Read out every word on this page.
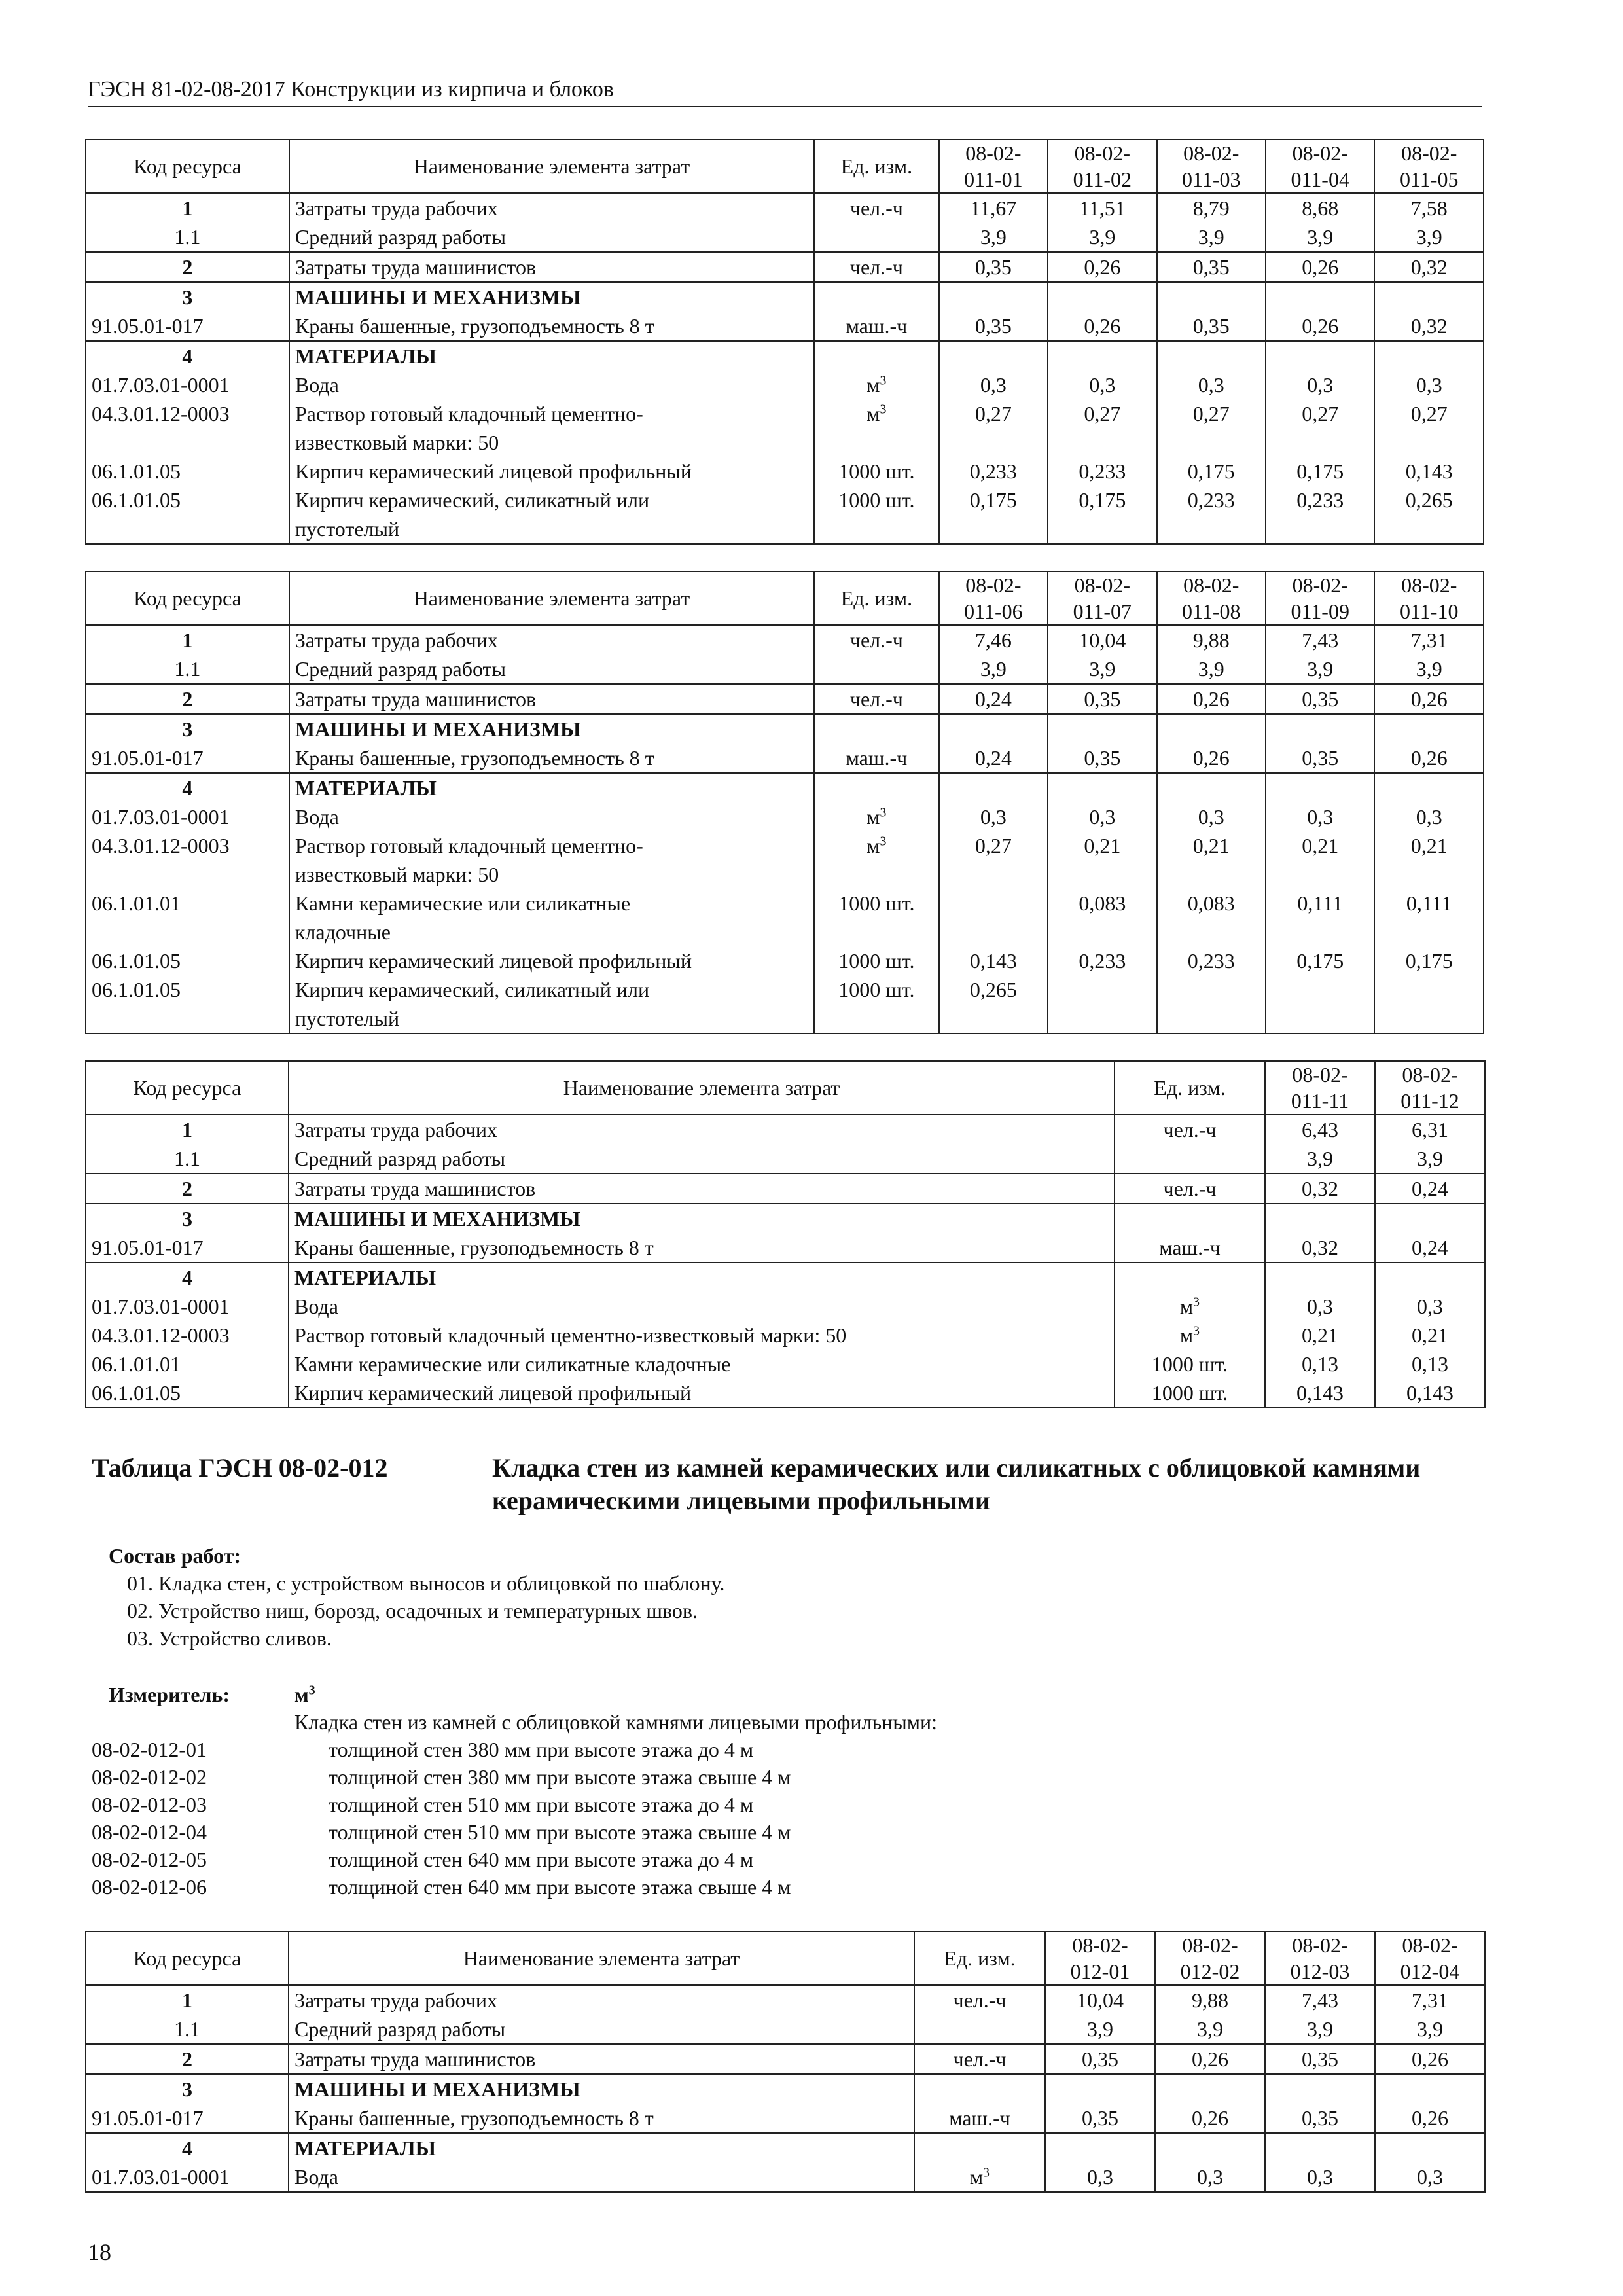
ГЭСН 81-02-08-2017 Конструкции из кирпича и блоков
Код ресурса	Наименование элемента затрат	Ед. изм.	08-02-
011-01	08-02-
011-02	08-02-
011-03	08-02-
011-04	08-02-
011-05
1	Затраты труда рабочих	чел.-ч	11,67	11,51	8,79	8,68	7,58
1.1	Средний разряд работы		3,9	3,9	3,9	3,9	3,9
2	Затраты труда машинистов	чел.-ч	0,35	0,26	0,35	0,26	0,32
3	МАШИНЫ И МЕХАНИЗМЫ						
91.05.01-017	Краны башенные, грузоподъемность 8 т	маш.-ч	0,35	0,26	0,35	0,26	0,32
4	МАТЕРИАЛЫ						
01.7.03.01-0001	Вода	$м^3$	0,3	0,3	0,3	0,3	0,3
04.3.01.12-0003	Раствор готовый кладочный цементно-
известковый марки: 50	$м^3$	0,27	0,27	0,27	0,27	0,27
06.1.01.05	Кирпич керамический лицевой профильный	1000 шт.	0,233	0,233	0,175	0,175	0,143
06.1.01.05	Кирпич керамический, силикатный или
пустотелый	1000 шт.	0,175	0,175	0,233	0,233	0,265
Код ресурса	Наименование элемента затрат	Ед. изм.	08-02-
011-06	08-02-
011-07	08-02-
011-08	08-02-
011-09	08-02-
011-10
1	Затраты труда рабочих	чел.-ч	7,46	10,04	9,88	7,43	7,31
1.1	Средний разряд работы		3,9	3,9	3,9	3,9	3,9
2	Затраты труда машинистов	чел.-ч	0,24	0,35	0,26	0,35	0,26
3	МАШИНЫ И МЕХАНИЗМЫ						
91.05.01-017	Краны башенные, грузоподъемность 8 т	маш.-ч	0,24	0,35	0,26	0,35	0,26
4	МАТЕРИАЛЫ						
01.7.03.01-0001	Вода	$м^3$	0,3	0,3	0,3	0,3	0,3
04.3.01.12-0003	Раствор готовый кладочный цементно-
известковый марки: 50	$м^3$	0,27	0,21	0,21	0,21	0,21
06.1.01.01	Камни керамические или силикатные
кладочные	1000 шт.		0,083	0,083	0,111	0,111
06.1.01.05	Кирпич керамический лицевой профильный	1000 шт.	0,143	0,233	0,233	0,175	0,175
06.1.01.05	Кирпич керамический, силикатный или
пустотелый	1000 шт.	0,265				
Код ресурса	Наименование элемента затрат	Ед. изм.	08-02-
011-11	08-02-
011-12
1	Затраты труда рабочих	чел.-ч	6,43	6,31
1.1	Средний разряд работы		3,9	3,9
2	Затраты труда машинистов	чел.-ч	0,32	0,24
3	МАШИНЫ И МЕХАНИЗМЫ			
91.05.01-017	Краны башенные, грузоподъемность 8 т	маш.-ч	0,32	0,24
4	МАТЕРИАЛЫ			
01.7.03.01-0001	Вода	$м^3$	0,3	0,3
04.3.01.12-0003	Раствор готовый кладочный цементно-известковый марки: 50	$м^3$	0,21	0,21
06.1.01.01	Камни керамические или силикатные кладочные	1000 шт.	0,13	0,13
06.1.01.05	Кирпич керамический лицевой профильный	1000 шт.	0,143	0,143
Таблица ГЭСН 08-02-012	Кладка стен из камней керамических или силикатных с облицовкой камнями керамическими лицевыми профильными
Состав работ:
01. Кладка стен, с устройством выносов и облицовкой по шаблону.
02. Устройство ниш, борозд, осадочных и температурных швов.
03. Устройство сливов.
Измеритель:	$м^3$
Кладка стен из камней с облицовкой камнями лицевыми профильными:
08-02-012-01	толщиной стен 380 мм при высоте этажа до 4 м
08-02-012-02	толщиной стен 380 мм при высоте этажа свыше 4 м
08-02-012-03	толщиной стен 510 мм при высоте этажа до 4 м
08-02-012-04	толщиной стен 510 мм при высоте этажа свыше 4 м
08-02-012-05	толщиной стен 640 мм при высоте этажа до 4 м
08-02-012-06	толщиной стен 640 мм при высоте этажа свыше 4 м
Код ресурса	Наименование элемента затрат	Ед. изм.	08-02-
012-01	08-02-
012-02	08-02-
012-03	08-02-
012-04
1	Затраты труда рабочих	чел.-ч	10,04	9,88	7,43	7,31
1.1	Средний разряд работы		3,9	3,9	3,9	3,9
2	Затраты труда машинистов	чел.-ч	0,35	0,26	0,35	0,26
3	МАШИНЫ И МЕХАНИЗМЫ					
91.05.01-017	Краны башенные, грузоподъемность 8 т	маш.-ч	0,35	0,26	0,35	0,26
4	МАТЕРИАЛЫ					
01.7.03.01-0001	Вода	$м^3$	0,3	0,3	0,3	0,3
18
